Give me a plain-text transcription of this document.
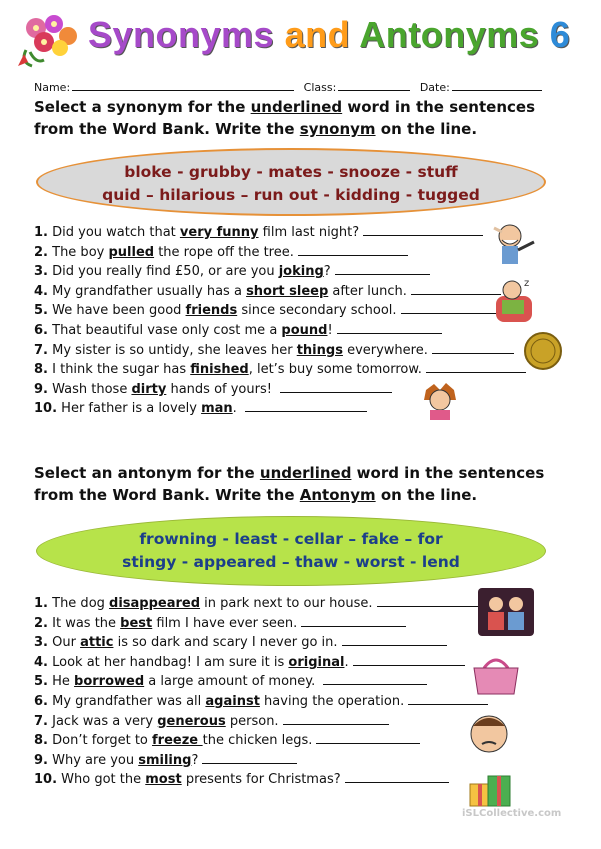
Synonyms and Antonyms 6
Name:	Class:	Date:
Select a synonym for the underlined word in the sentences from the Word Bank. Write the synonym on the line.
bloke - grubby - mates - snooze - stuff
quid – hilarious – run out - kidding - tugged
1. Did you watch that very funny film last night?
2. The boy pulled the rope off the tree.
3. Did you really find £50, or are you joking?
4. My grandfather usually has a short sleep after lunch.
5. We have been good friends since secondary school.
6. That beautiful vase only cost me a pound!
7. My sister is so untidy, she leaves her things everywhere.
8. I think the sugar has finished, let’s buy some tomorrow.
9. Wash those dirty hands of yours!
10. Her father is a lovely man.
Select an antonym for the underlined word in the sentences from the Word Bank. Write the Antonym on the line.
frowning - least - cellar – fake – for
stingy - appeared – thaw - worst - lend
1. The dog disappeared in park next to our house.
2. It was the best film I have ever seen.
3. Our attic is so dark and scary I never go in.
4. Look at her handbag! I am sure it is original.
5. He borrowed a large amount of money.
6. My grandfather was all against having the operation.
7. Jack was a very generous person.
8. Don’t forget to freeze the chicken legs.
9. Why are you smiling?
10. Who got the most presents for Christmas?
z
iSLCollective.com
